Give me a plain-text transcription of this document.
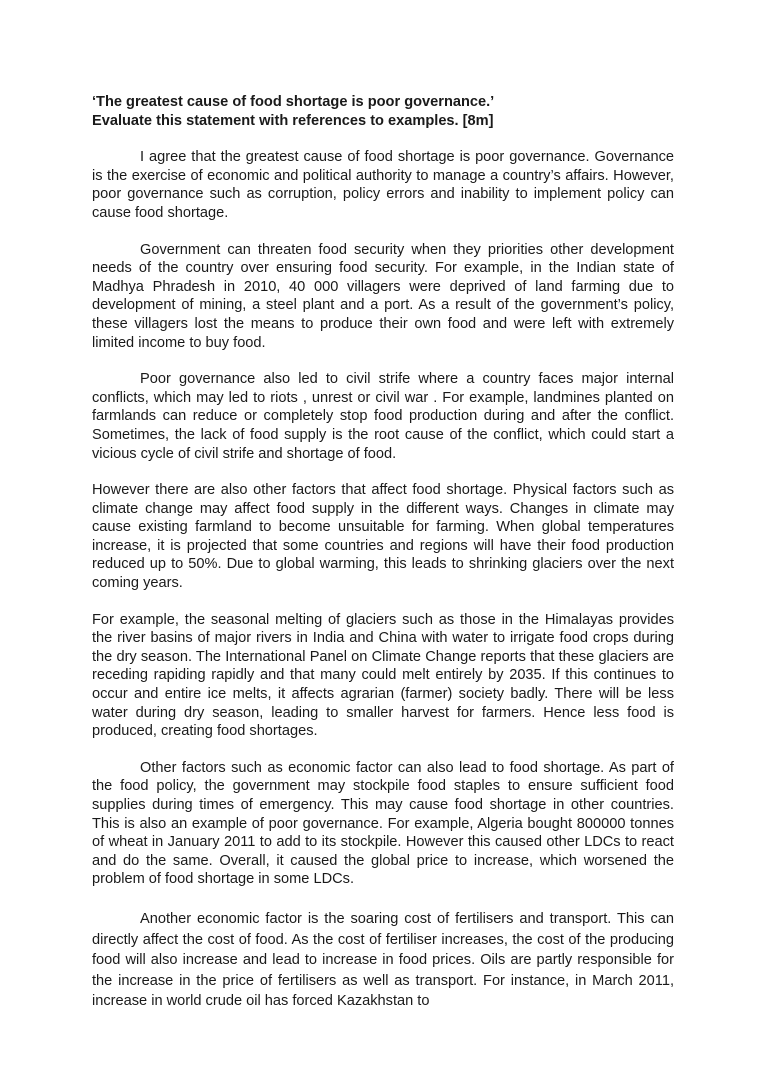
‘The greatest cause of food shortage is poor governance.’

Evaluate this statement with references to examples. [8m]

I agree that the greatest cause of food shortage is poor governance. Governance is the exercise of economic and political authority to manage a country’s affairs. However, poor governance such as corruption, policy errors and inability to implement policy can cause food shortage.

Government can threaten food security when they priorities other development needs of the country over ensuring food security. For example, in the Indian state of Madhya Phradesh in 2010, 40 000 villagers were deprived of land farming due to development of mining, a steel plant and a port. As a result of the government’s policy, these villagers lost the means to produce their own food and were left with extremely limited income to buy food.

Poor governance also led to civil strife where a country faces major internal conflicts, which may led to riots , unrest or civil war . For example, landmines planted on farmlands can reduce or completely stop food production during and after the conflict. Sometimes, the lack of food supply is the root cause of the conflict, which could start a vicious cycle of civil strife and shortage of food.

However there are also other factors that affect food shortage. Physical factors such as climate change may affect food supply in the different ways. Changes in climate may cause existing farmland to become unsuitable for farming. When global temperatures increase, it is projected that some countries and regions will have their food production reduced up to 50%. Due to global warming, this leads to shrinking glaciers over the next coming years.

For example, the seasonal melting of glaciers such as those in the Himalayas provides the river basins of major rivers in India and China with water to irrigate food crops during the dry season. The International Panel on Climate Change reports that these glaciers are receding rapiding rapidly and that many could melt entirely by 2035. If this continues to occur and entire ice melts, it affects agrarian (farmer) society badly. There will be less water during dry season, leading to smaller harvest for farmers. Hence less food is produced, creating food shortages.

Other factors such as economic factor can also lead to food shortage. As part of the food policy, the government may stockpile food staples to ensure sufficient food supplies during times of emergency. This may cause food shortage in other countries. This is also an example of poor governance. For example, Algeria bought 800000 tonnes of wheat in January 2011 to add to its stockpile. However this caused other LDCs to react and do the same. Overall, it caused the global price to increase, which worsened the problem of food shortage in some LDCs.

Another economic factor is the soaring cost of fertilisers and transport. This can directly affect the cost of food. As the cost of fertiliser increases, the cost of the producing food will also increase and lead to increase in food prices. Oils are partly responsible for the increase in the price of fertilisers as well as transport. For instance, in March 2011, increase in world crude oil has forced Kazakhstan to
